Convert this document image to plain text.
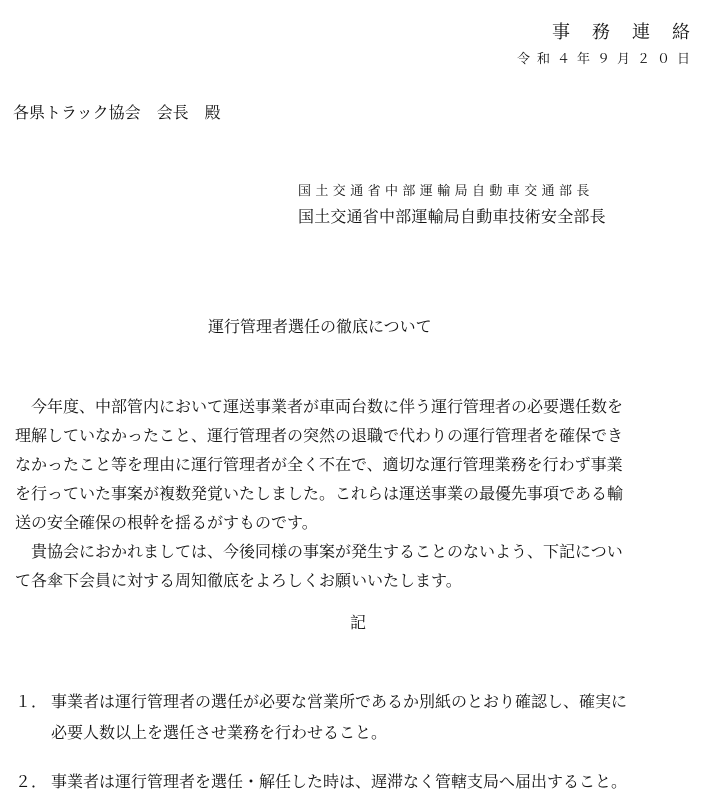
事務連絡
令和４年９月２０日
各県トラック協会　会長　殿
国土交通省中部運輸局自動車交通部長
国土交通省中部運輸局自動車技術安全部長
運行管理者選任の徹底について

　今年度、中部管内において運送事業者が車両台数に伴う運行管理者の必要選任数を

理解していなかったこと、運行管理者の突然の退職で代わりの運行管理者を確保でき

なかったこと等を理由に運行管理者が全く不在で、適切な運行管理業務を行わず事業

を行っていた事案が複数発覚いたしました。これらは運送事業の最優先事項である輸

送の安全確保の根幹を揺るがすものです。

　貴協会におかれましては、今後同様の事案が発生することのないよう、下記につい

て各傘下会員に対する周知徹底をよろしくお願いいたします。

記
１． 事業者は運行管理者の選任が必要な営業所であるか別紙のとおり確認し、確実に
必要人数以上を選任させ業務を行わせること。
２． 事業者は運行管理者を選任・解任した時は、遅滞なく管轄支局へ届出すること。
